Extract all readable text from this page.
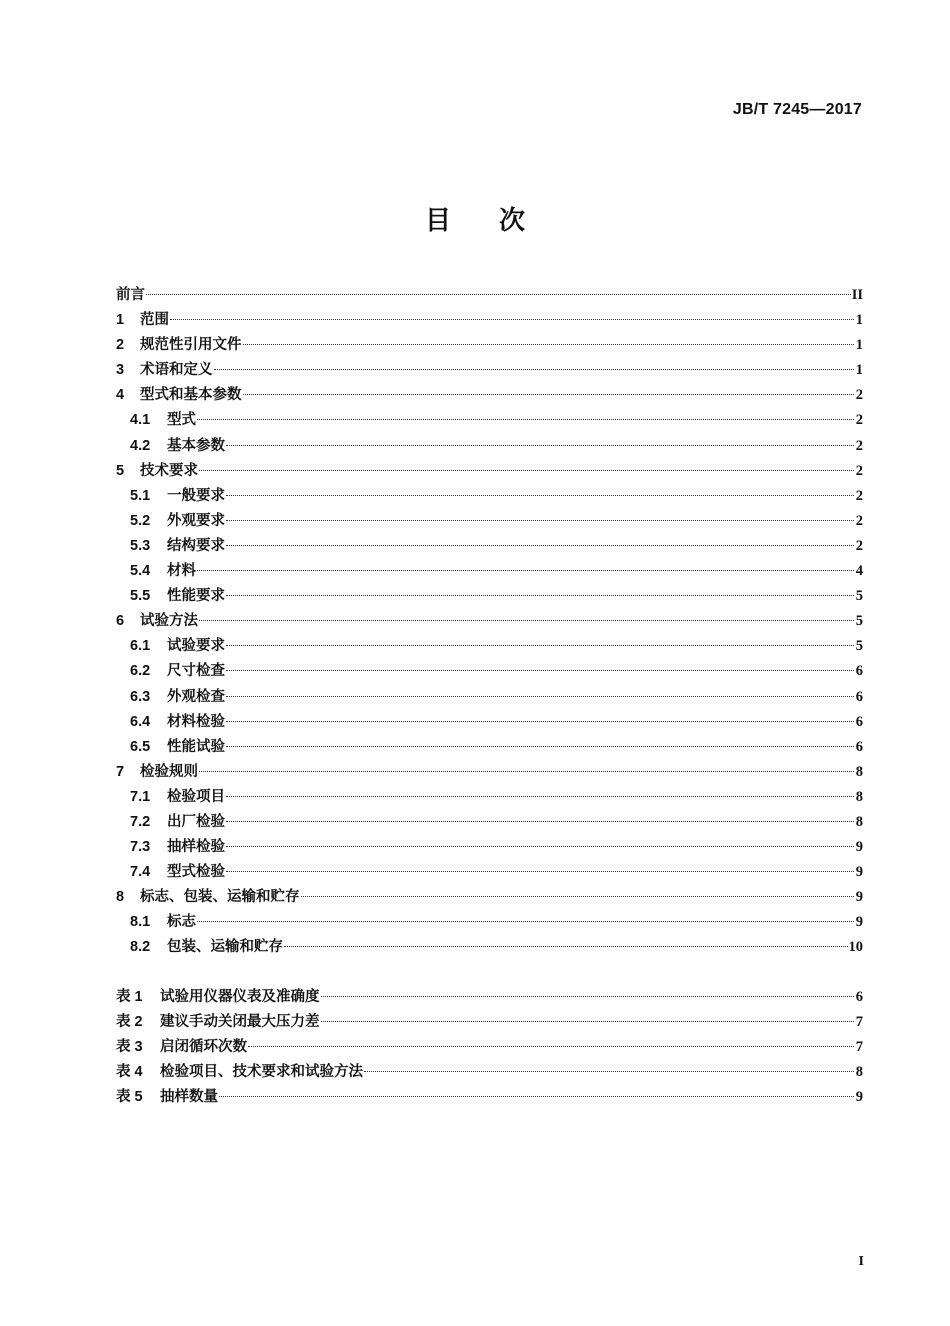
JB/T 7245—2017
目 次
前言	II
1	范围	1
2	规范性引用文件	1
3	术语和定义	1
4	型式和基本参数	2
4.1	型式	2
4.2	基本参数	2
5	技术要求	2
5.1	一般要求	2
5.2	外观要求	2
5.3	结构要求	2
5.4	材料	4
5.5	性能要求	5
6	试验方法	5
6.1	试验要求	5
6.2	尺寸检查	6
6.3	外观检查	6
6.4	材料检验	6
6.5	性能试验	6
7	检验规则	8
7.1	检验项目	8
7.2	出厂检验	8
7.3	抽样检验	9
7.4	型式检验	9
8	标志、包装、运输和贮存	9
8.1	标志	9
8.2	包装、运输和贮存	10
表 1	试验用仪器仪表及准确度	6
表 2	建议手动关闭最大压力差	7
表 3	启闭循环次数	7
表 4	检验项目、技术要求和试验方法	8
表 5	抽样数量	9
I
